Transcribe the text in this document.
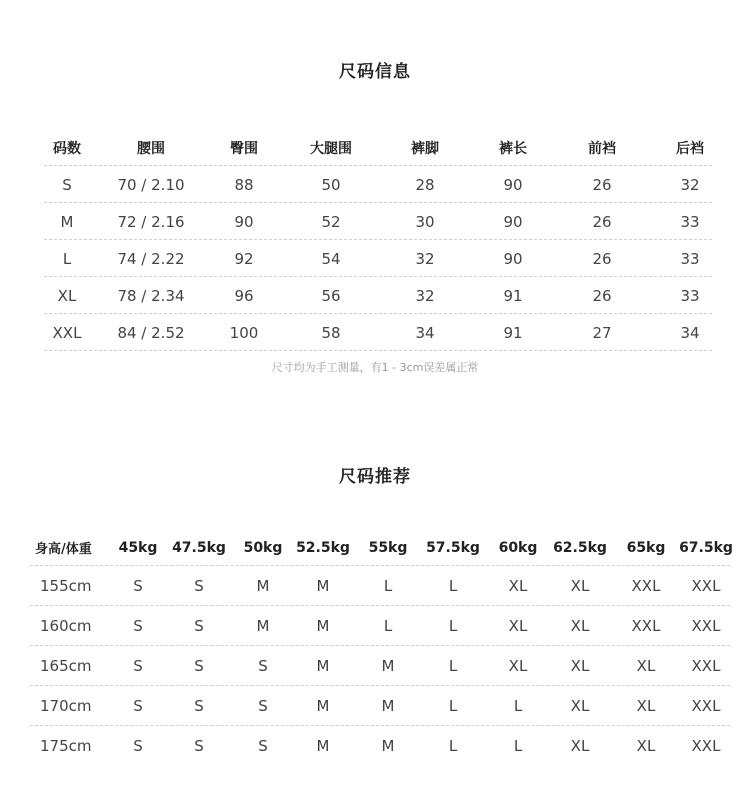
尺码信息
码数	腰围	臀围	大腿围	裤脚	裤长	前裆	后裆
S	70 / 2.10	88	50	28	90	26	32
M	72 / 2.16	90	52	30	90	26	33
L	74 / 2.22	92	54	32	90	26	33
XL	78 / 2.34	96	56	32	91	26	33
XXL	84 / 2.52	100	58	34	91	27	34
尺寸均为手工测量，有1 - 3cm误差属正常
尺码推荐
身高/体重	45kg	47.5kg	50kg 52.5kg	55kg	57.5kg	60kg	62.5kg	65kg 67.5kg
155cm	S	S	M	M	L	L	XL	XL	XXL	XXL
160cm	S	S	M	M	L	L	XL	XL	XXL	XXL
165cm	S	S	S	M	M	L	XL	XL	XL	XXL
170cm	S	S	S	M	M	L	L	XL	XL	XXL
175cm	S	S	S	M	M	L	L	XL	XL	XXL
